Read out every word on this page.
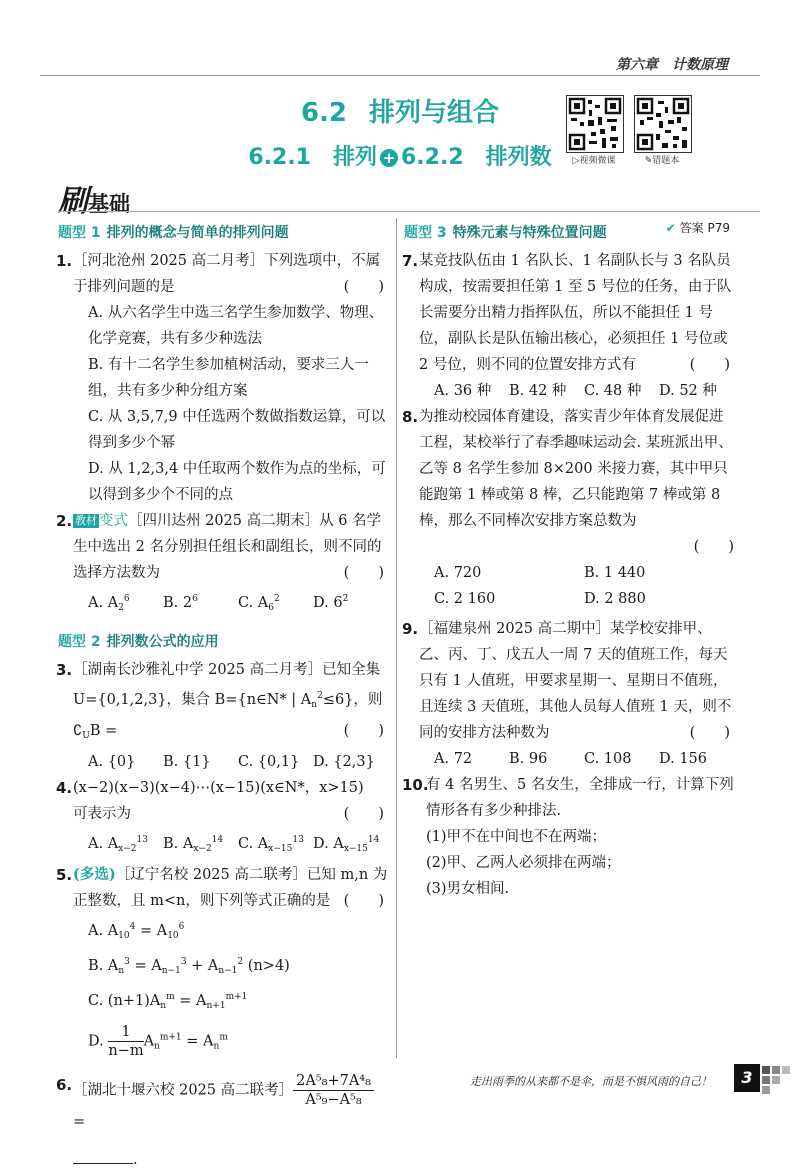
第六章　计数原理
6.2 排列与组合
6.2.1 排列 + 6.2.2 排列数	▷视频微课	✎错题本
刷基础
✔ 答案 P79
题型 1 排列的概念与简单的排列问题
1. ［河北沧州 2025 高二月考］下列选项中，不属于排列问题的是	(　　)
A. 从六名学生中选三名学生参加数学、物理、化学竞赛，共有多少种选法
B. 有十二名学生参加植树活动，要求三人一组，共有多少种分组方案
C. 从 3,5,7,9 中任选两个数做指数运算，可以得到多少个幂
D. 从 1,2,3,4 中任取两个数作为点的坐标，可以得到多少个不同的点
2. 教材 变式［四川达州 2025 高二期末］从 6 名学生中选出 2 名分别担任组长和副组长，则不同的选择方法数为	(　　)
A. $A_2^6$	B. $2^6$	C. $A_6^2$	D. $6^2$
题型 2 排列数公式的应用
3. ［湖南长沙雅礼中学 2025 高二月考］已知全集 U={0,1,2,3}，集合 B={n∈N* | $A_n^2\le 6$}，则
$∁_UB$ =	(　　)
A. {0}	B. {1}	C. {0,1} D. {2,3}
4. (x−2)(x−3)(x−4)⋯(x−15)(x∈N*，x>15)
可表示为	(　　)
A. $A_{x-2}^{13}$	B. $A_{x-2}^{14}$	C. $A_{x-15}^{13}$ D. $A_{x-15}^{14}$
5. (多选)［辽宁名校 2025 高二联考］已知 m,n 为正整数，且 m<n，则下列等式正确的是 (　　)
A. $A_{10}^4 = A_{10}^6$
B. $A_n^3 = A_{n-1}^3 + A_{n-1}^2$ (n>4)
C. $(n+1)A_n^m = A_{n+1}^{m+1}$
D. $\frac{1}{n-m} A_n^{m+1} = A_n^m$
6. ［湖北十堰六校 2025 高二联考］ $\frac{\text{2A⁵₈+7A⁴₈}}{\text{A⁵₉−A⁵₈}}$
=
.
题型 3 特殊元素与特殊位置问题
7. 某竞技队伍由 1 名队长、1 名副队长与 3 名队员构成，按需要担任第 1 至 5 号位的任务，由于队长需要分出精力指挥队伍，所以不能担任 1 号位，副队长是队伍输出核心，必须担任 1 号位或 2 号位，则不同的位置安排方式有	(　　)
A. 36 种	B. 42 种	C. 48 种	D. 52 种
8. 为推动校园体育建设，落实青少年体育发展促进工程，某校举行了春季趣味运动会. 某班派出甲、乙等 8 名学生参加 8×200 米接力赛，其中甲只能跑第 1 棒或第 8 棒，乙只能跑第 7 棒或第 8 棒，那么不同棒次安排方案总数为
(　　)
A. 720	B. 1 440
C. 2 160	D. 2 880
9. ［福建泉州 2025 高二期中］某学校安排甲、乙、丙、丁、戊五人一周 7 天的值班工作，每天只有 1 人值班，甲要求星期一、星期日不值班，且连续 3 天值班，其他人员每人值班 1 天，则不同的安排方法种数为	(　　)
A. 72	B. 96	C. 108	D. 156
10.
有 4 名男生、5 名女生，全排成一行，计算下列情形各有多少种排法.
(1)甲不在中间也不在两端；
(2)甲、乙两人必须排在两端；
(3)男女相间.
走出雨季的从来都不是伞，而是不惧风雨的自己！	3
